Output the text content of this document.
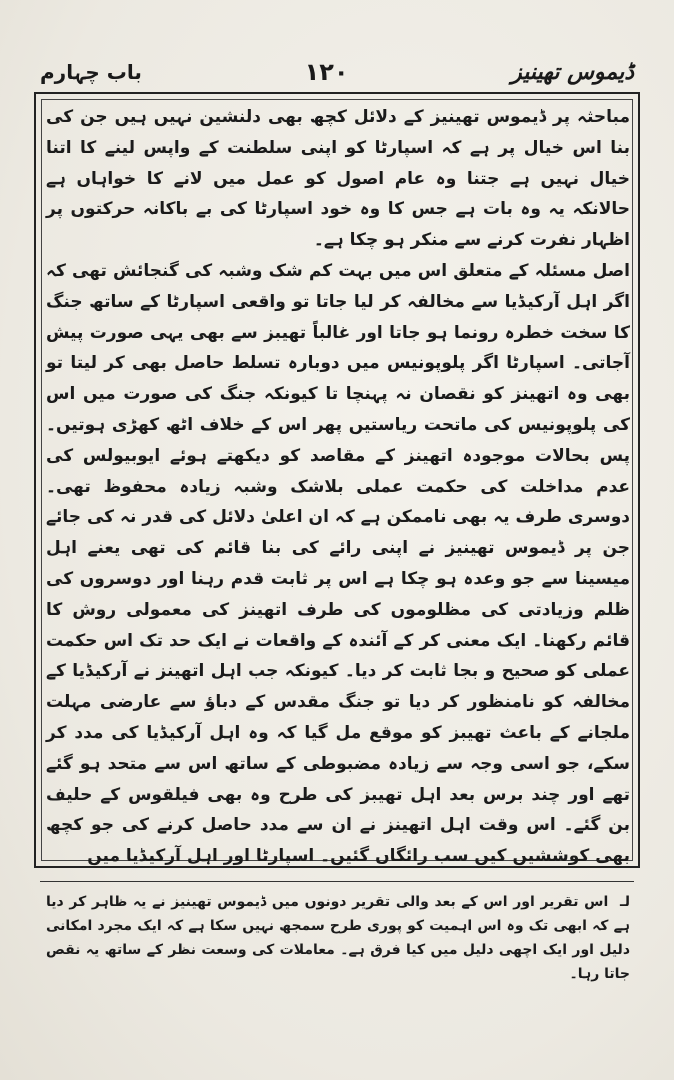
ڈیموس تھینیز
۱۲۰
باب چہارم

مباحثہ پر ڈیموس تھینیز کے دلائل کچھ بھی دلنشین نہیں ہیں جن کی بنا اس خیال پر ہے کہ اسپارٹا کو اپنی سلطنت کے واپس لینے کا اتنا خیال نہیں ہے جتنا وہ عام اصول کو عمل میں لانے کا خواہاں ہے حالانکہ یہ وہ بات ہے جس کا وہ خود اسپارٹا کی بے باکانہ حرکتوں پر اظہار نفرت کرنے سے منکر ہو چکا ہے۔

اصل مسئلہ کے متعلق اس میں بہت کم شک وشبہ کی گنجائش تھی کہ اگر اہل آرکیڈیا سے مخالفہ کر لیا جاتا تو واقعی اسپارٹا کے ساتھ جنگ کا سخت خطرہ رونما ہو جاتا اور غالباً تھیبز سے بھی یہی صورت پیش آجاتی۔ اسپارٹا اگر پلوپونیس میں دوبارہ تسلط حاصل بھی کر لیتا تو بھی وہ اتھینز کو نقصان نہ پہنچا تا کیونکہ جنگ کی صورت میں اس کی پلوپونیس کی ماتحت ریاستیں پھر اس کے خلاف اٹھ کھڑی ہوتیں۔ پس بحالات موجودہ اتھینز کے مقاصد کو دیکھتے ہوئے ایوبیولس کی عدم مداخلت کی حکمت عملی بلاشک وشبہ زیادہ محفوظ تھی۔ دوسری طرف یہ بھی ناممکن ہے کہ ان اعلیٰ دلائل کی قدر نہ کی جائے جن پر ڈیموس تھینیز نے اپنی رائے کی بنا قائم کی تھی یعنے اہل میسینا سے جو وعدہ ہو چکا ہے اس پر ثابت قدم رہنا اور دوسروں کی ظلم وزیادتی کی مظلوموں کی طرف اتھینز کی معمولی روش کا قائم رکھنا۔ ایک معنی کر کے آئندہ کے واقعات نے ایک حد تک اس حکمت عملی کو صحیح و بجا ثابت کر دیا۔ کیونکہ جب اہل اتھینز نے آرکیڈیا کے مخالفہ کو نامنظور کر دیا تو جنگ مقدس کے دباؤ سے عارضی مہلت ملجانے کے باعث تھیبز کو موقع مل گیا کہ وہ اہل آرکیڈیا کی مدد کر سکے، جو اسی وجہ سے زیادہ مضبوطی کے ساتھ اس سے متحد ہو گئے تھے اور چند برس بعد اہل تھیبز کی طرح وہ بھی فیلقوس کے حلیف بن گئے۔ اس وقت اہل اتھینز نے ان سے مدد حاصل کرنے کی جو کچھ بھی کوششیں کیں سب رائگاں گئیں۔ اسپارٹا اور اہل آرکیڈیا میں

لـ اس تقریر اور اس کے بعد والی تقریر دونوں میں ڈیموس تھینیز نے یہ ظاہر کر دیا ہے کہ ابھی تک وہ اس اہمیت کو پوری طرح سمجھ نہیں سکا ہے کہ ایک مجرد امکانی دلیل اور ایک اچھی دلیل میں کیا فرق ہے۔ معاملات کی وسعت نظر کے ساتھ یہ نقص جاتا رہا۔
